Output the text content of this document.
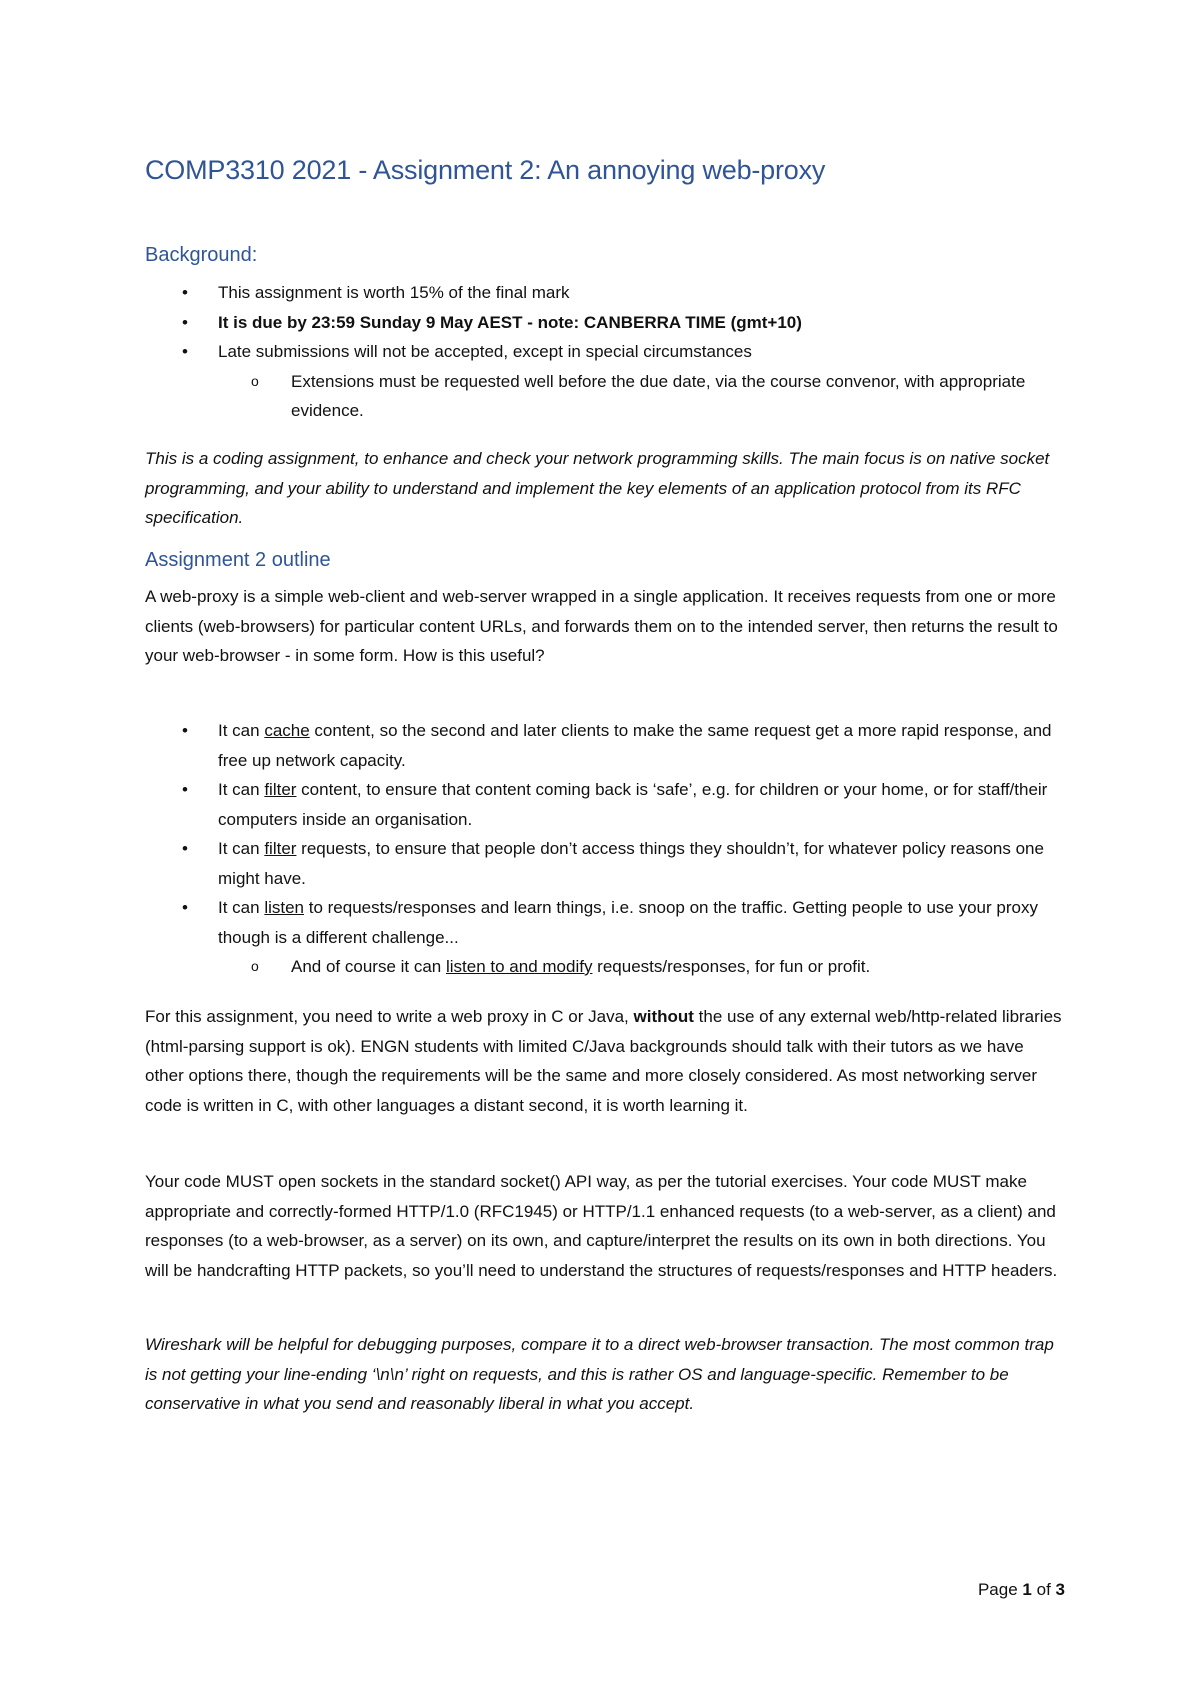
COMP3310 2021 - Assignment 2: An annoying web-proxy
Background:
• This assignment is worth 15% of the final mark
• It is due by 23:59 Sunday 9 May AEST - note: CANBERRA TIME (gmt+10)
• Late submissions will not be accepted, except in special circumstances
o Extensions must be requested well before the due date, via the course convenor, with appropriate evidence.

This is a coding assignment, to enhance and check your network programming skills. The main focus is on native socket programming, and your ability to understand and implement the key elements of an application protocol from its RFC specification.

Assignment 2 outline

A web-proxy is a simple web-client and web-server wrapped in a single application. It receives requests from one or more clients (web-browsers) for particular content URLs, and forwards them on to the intended server, then returns the result to your web-browser - in some form. How is this useful?

• It can cache content, so the second and later clients to make the same request get a more rapid response, and free up network capacity.
• It can filter content, to ensure that content coming back is ‘safe’, e.g. for children or your home, or for staff/their computers inside an organisation.
• It can filter requests, to ensure that people don’t access things they shouldn’t, for whatever policy reasons one might have.
• It can listen to requests/responses and learn things, i.e. snoop on the traffic. Getting people to use your proxy though is a different challenge...
o And of course it can listen to and modify requests/responses, for fun or profit.

For this assignment, you need to write a web proxy in C or Java, without the use of any external web/http-related libraries (html-parsing support is ok). ENGN students with limited C/Java backgrounds should talk with their tutors as we have other options there, though the requirements will be the same and more closely considered. As most networking server code is written in C, with other languages a distant second, it is worth learning it.

Your code MUST open sockets in the standard socket() API way, as per the tutorial exercises. Your code MUST make appropriate and correctly-formed HTTP/1.0 (RFC1945) or HTTP/1.1 enhanced requests (to a web-server, as a client) and responses (to a web-browser, as a server) on its own, and capture/interpret the results on its own in both directions. You will be handcrafting HTTP packets, so you’ll need to understand the structures of requests/responses and HTTP headers.

Wireshark will be helpful for debugging purposes, compare it to a direct web-browser transaction. The most common trap is not getting your line-ending ‘\n\n’ right on requests, and this is rather OS and language-specific. Remember to be conservative in what you send and reasonably liberal in what you accept.

Page 1 of 3
